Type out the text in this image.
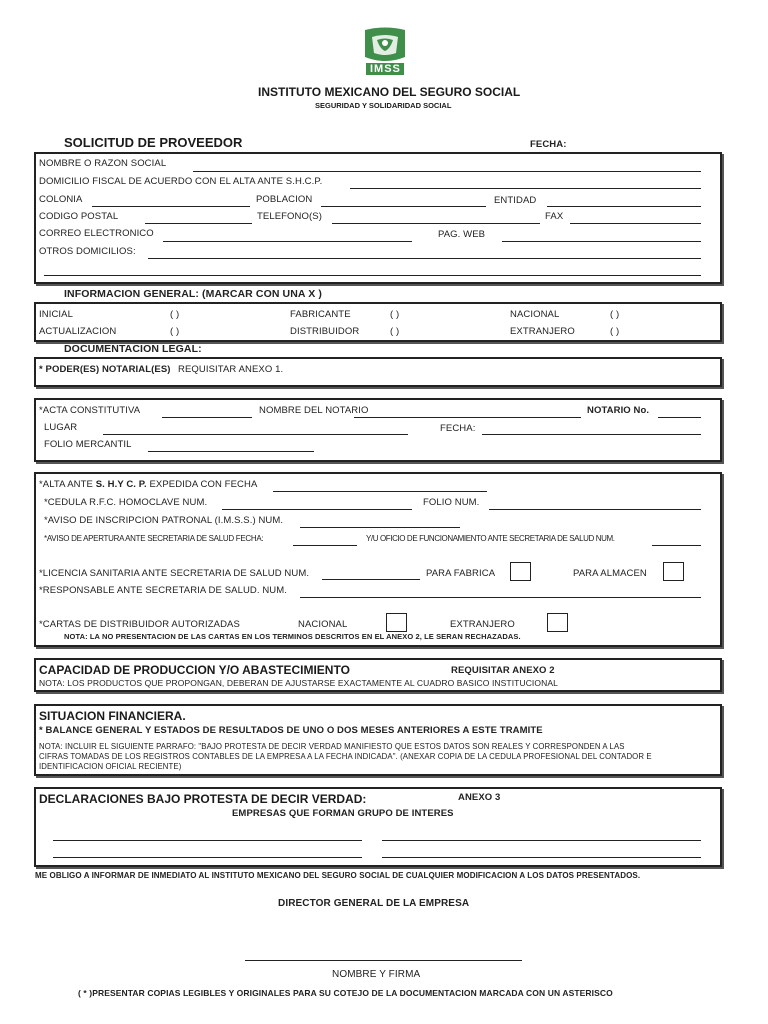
IMSS
INSTITUTO MEXICANO DEL SEGURO SOCIAL
SEGURIDAD Y SOLIDARIDAD SOCIAL
SOLICITUD DE PROVEEDOR	FECHA:
NOMBRE O RAZON SOCIAL
DOMICILIO FISCAL DE ACUERDO CON EL ALTA ANTE S.H.C.P.
COLONIA	POBLACION	ENTIDAD
CODIGO POSTAL	TELEFONO(S)	FAX
CORREO ELECTRONICO	PAG. WEB
OTROS DOMICILIOS:
INFORMACION GENERAL: (MARCAR CON UNA X )
INICIAL	( )	FABRICANTE	( )	NACIONAL	( )
ACTUALIZACION	( )	DISTRIBUIDOR	( )	EXTRANJERO	( )
DOCUMENTACION LEGAL:
* PODER(ES) NOTARIAL(ES) REQUISITAR ANEXO 1.
*ACTA CONSTITUTIVA	NOMBRE DEL NOTARIO	NOTARIO No.
LUGAR	FECHA:
FOLIO MERCANTIL
*ALTA ANTE S. H.Y C. P. EXPEDIDA CON FECHA
*CEDULA R.F.C. HOMOCLAVE NUM.	FOLIO NUM.
*AVISO DE INSCRIPCION PATRONAL (I.M.S.S.) NUM.
*AVISO DE APERTURA ANTE SECRETARIA DE SALUD FECHA:	Y/U OFICIO DE FUNCIONAMIENTO ANTE SECRETARIA DE SALUD NUM.
*LICENCIA SANITARIA ANTE SECRETARIA DE SALUD NUM.	PARA FABRICA	PARA ALMACEN
*RESPONSABLE ANTE SECRETARIA DE SALUD. NUM.
*CARTAS DE DISTRIBUIDOR AUTORIZADAS	NACIONAL	EXTRANJERO
NOTA: LA NO PRESENTACION DE LAS CARTAS EN LOS TERMINOS DESCRITOS EN EL ANEXO 2, LE SERAN RECHAZADAS.
CAPACIDAD DE PRODUCCION Y/O ABASTECIMIENTO	REQUISITAR ANEXO 2
NOTA: LOS PRODUCTOS QUE PROPONGAN, DEBERAN DE AJUSTARSE EXACTAMENTE AL CUADRO BASICO INSTITUCIONAL
SITUACION FINANCIERA.
* BALANCE GENERAL Y ESTADOS DE RESULTADOS DE UNO O DOS MESES ANTERIORES A ESTE TRAMITE
NOTA: INCLUIR EL SIGUIENTE PARRAFO: "BAJO PROTESTA DE DECIR VERDAD MANIFIESTO QUE ESTOS DATOS SON REALES Y CORRESPONDEN A LAS
CIFRAS TOMADAS DE LOS REGISTROS CONTABLES DE LA EMPRESA A LA FECHA INDICADA". (ANEXAR COPIA DE LA CEDULA PROFESIONAL DEL CONTADOR E
IDENTIFICACION OFICIAL RECIENTE)
DECLARACIONES BAJO PROTESTA DE DECIR VERDAD:	ANEXO 3
EMPRESAS QUE FORMAN GRUPO DE INTERES
ME OBLIGO A INFORMAR DE INMEDIATO AL INSTITUTO MEXICANO DEL SEGURO SOCIAL DE CUALQUIER MODIFICACION A LOS DATOS PRESENTADOS.
DIRECTOR GENERAL DE LA EMPRESA
NOMBRE Y FIRMA
( * )PRESENTAR COPIAS LEGIBLES Y ORIGINALES PARA SU COTEJO DE LA DOCUMENTACION MARCADA CON UN ASTERISCO
